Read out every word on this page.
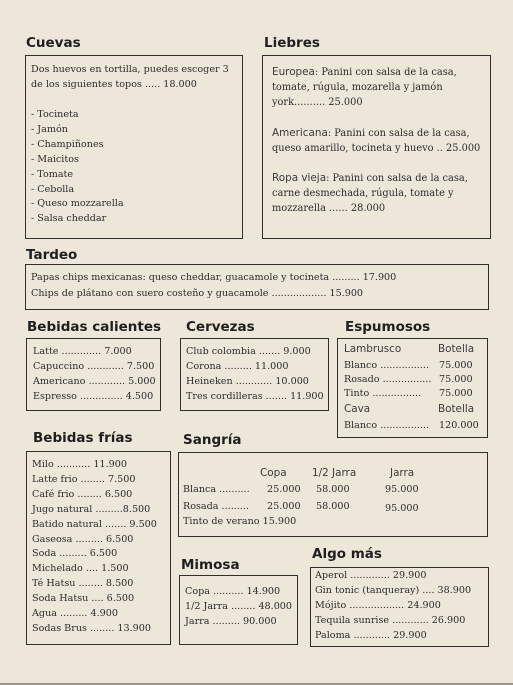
Cuevas
Dos huevos en tortilla, puedes escoger 3
de los siguientes topos ..... 18.000
- Tocineta
- Jamón
- Champiñones
- Maicitos
- Tomate
- Cebolla
- Queso mozzarella
- Salsa cheddar
Liebres
Europea: Panini con salsa de la casa,
tomate, rúgula, mozarella y jamón
york.......... 25.000
Americana: Panini con salsa de la casa,
queso amarillo, tocineta y huevo .. 25.000
Ropa vieja: Panini con salsa de la casa,
carne desmechada, rúgula, tomate y
mozzarella ...... 28.000
Tardeo
Papas chips mexicanas: queso cheddar, guacamole y tocineta ......... 17.900
Chips de plátano con suero costeño y guacamole .................. 15.900
Bebidas calientes
Latte ............. 7.000
Capuccino ............ 7.500
Americano ............ 5.000
Espresso .............. 4.500
Cervezas
Club colombia ....... 9.000
Corona ......... 11.000
Heineken ............ 10.000
Tres cordilleras ....... 11.900
Espumosos
Lambrusco	Botella
Blanco ................ 75.000
Rosado ................ 75.000
Tinto ................ 75.000
Cava	Botella
Blanco ................ 120.000
Bebidas frías
Milo ........... 11.900
Latte frio ........ 7.500
Café frio ........ 6.500
Jugo natural .........8.500
Batido natural ....... 9.500
Gaseosa ......... 6.500
Soda ......... 6.500
Michelado .... 1.500
Té Hatsu ........ 8.500
Soda Hatsu .... 6.500
Agua ......... 4.900
Sodas Brus ........ 13.900
Sangría
Copa 1/2 Jarra	Jarra
Blanca .......... 25.000 58.000	95.000
Rosada ......... 25.000 58.000	95.000
Tinto de verano 15.900
Mimosa
Copa .......... 14.900
1/2 Jarra ........ 48.000
Jarra ......... 90.000
Algo más
Aperol ............. 29.900
Gin tonic (tanqueray) .... 38.900
Mójito .................. 24.900
Tequila sunrise ............ 26.900
Paloma ............ 29.900
